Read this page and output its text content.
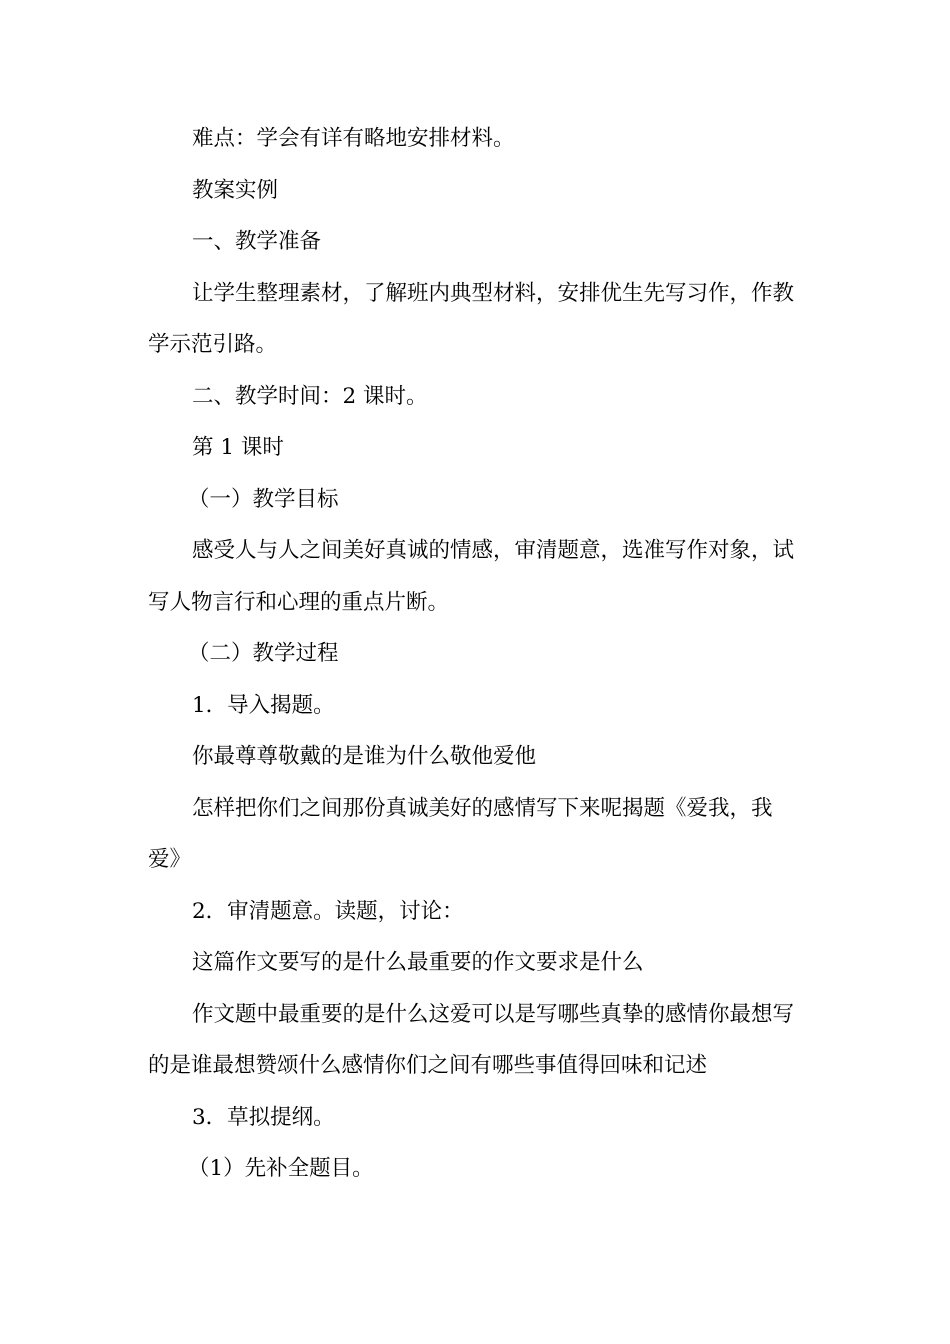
难点：学会有详有略地安排材料。

教案实例

一、教学准备

让学生整理素材，了解班内典型材料，安排优生先写习作，作教学示范引路。

二、教学时间：2 课时。

第 1 课时

（一）教学目标

感受人与人之间美好真诚的情感，审清题意，选准写作对象，试写人物言行和心理的重点片断。

（二）教学过程

1．导入揭题。

你最尊尊敬戴的是谁为什么敬他爱他

怎样把你们之间那份真诚美好的感情写下来呢揭题《爱我，我爱》

2．审清题意。读题，讨论：

这篇作文要写的是什么最重要的作文要求是什么

作文题中最重要的是什么这爱可以是写哪些真挚的感情你最想写的是谁最想赞颂什么感情你们之间有哪些事值得回味和记述

3．草拟提纲。

（1）先补全题目。
